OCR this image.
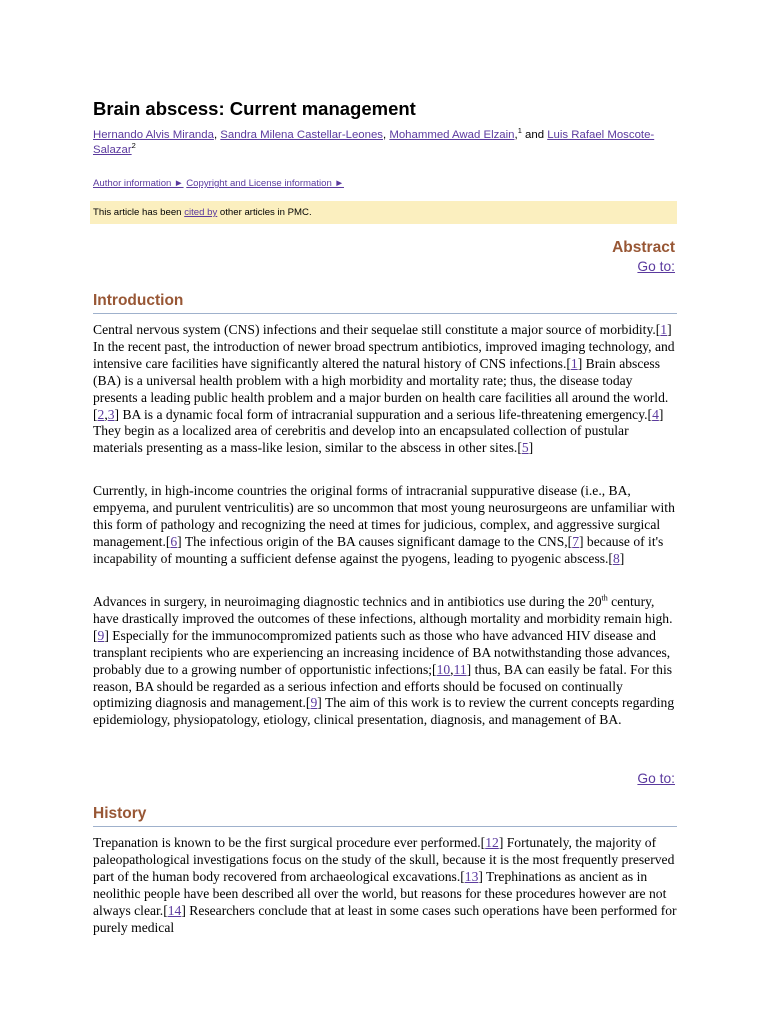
Brain abscess: Current management
Hernando Alvis Miranda, Sandra Milena Castellar-Leones, Mohammed Awad Elzain,$^1$ and Luis Rafael Moscote-Salazar$^2$
Author information ► Copyright and License information ►
This article has been cited by other articles in PMC.
Abstract
Go to:
Introduction

Central nervous system (CNS) infections and their sequelae still constitute a major source of morbidity.[1] In the recent past, the introduction of newer broad spectrum antibiotics, improved imaging technology, and intensive care facilities have significantly altered the natural history of CNS infections.[1] Brain abscess (BA) is a universal health problem with a high morbidity and mortality rate; thus, the disease today presents a leading public health problem and a major burden on health care facilities all around the world.[2,3] BA is a dynamic focal form of intracranial suppuration and a serious life-threatening emergency.[4] They begin as a localized area of cerebritis and develop into an encapsulated collection of pustular materials presenting as a mass-like lesion, similar to the abscess in other sites.[5]

Currently, in high-income countries the original forms of intracranial suppurative disease (i.e., BA, empyema, and purulent ventriculitis) are so uncommon that most young neurosurgeons are unfamiliar with this form of pathology and recognizing the need at times for judicious, complex, and aggressive surgical management.[6] The infectious origin of the BA causes significant damage to the CNS,[7] because of it's incapability of mounting a sufficient defense against the pyogens, leading to pyogenic abscess.[8]

Advances in surgery, in neuroimaging diagnostic technics and in antibiotics use during the 20th century, have drastically improved the outcomes of these infections, although mortality and morbidity remain high.[9] Especially for the immunocompromized patients such as those who have advanced HIV disease and transplant recipients who are experiencing an increasing incidence of BA notwithstanding those advances, probably due to a growing number of opportunistic infections;[10,11] thus, BA can easily be fatal. For this reason, BA should be regarded as a serious infection and efforts should be focused on continually optimizing diagnosis and management.[9] The aim of this work is to review the current concepts regarding epidemiology, physiopatology, etiology, clinical presentation, diagnosis, and management of BA.

Go to:
History

Trepanation is known to be the first surgical procedure ever performed.[12] Fortunately, the majority of paleopathological investigations focus on the study of the skull, because it is the most frequently preserved part of the human body recovered from archaeological excavations.[13] Trephinations as ancient as in neolithic people have been described all over the world, but reasons for these procedures however are not always clear.[14] Researchers conclude that at least in some cases such operations have been performed for purely medical
